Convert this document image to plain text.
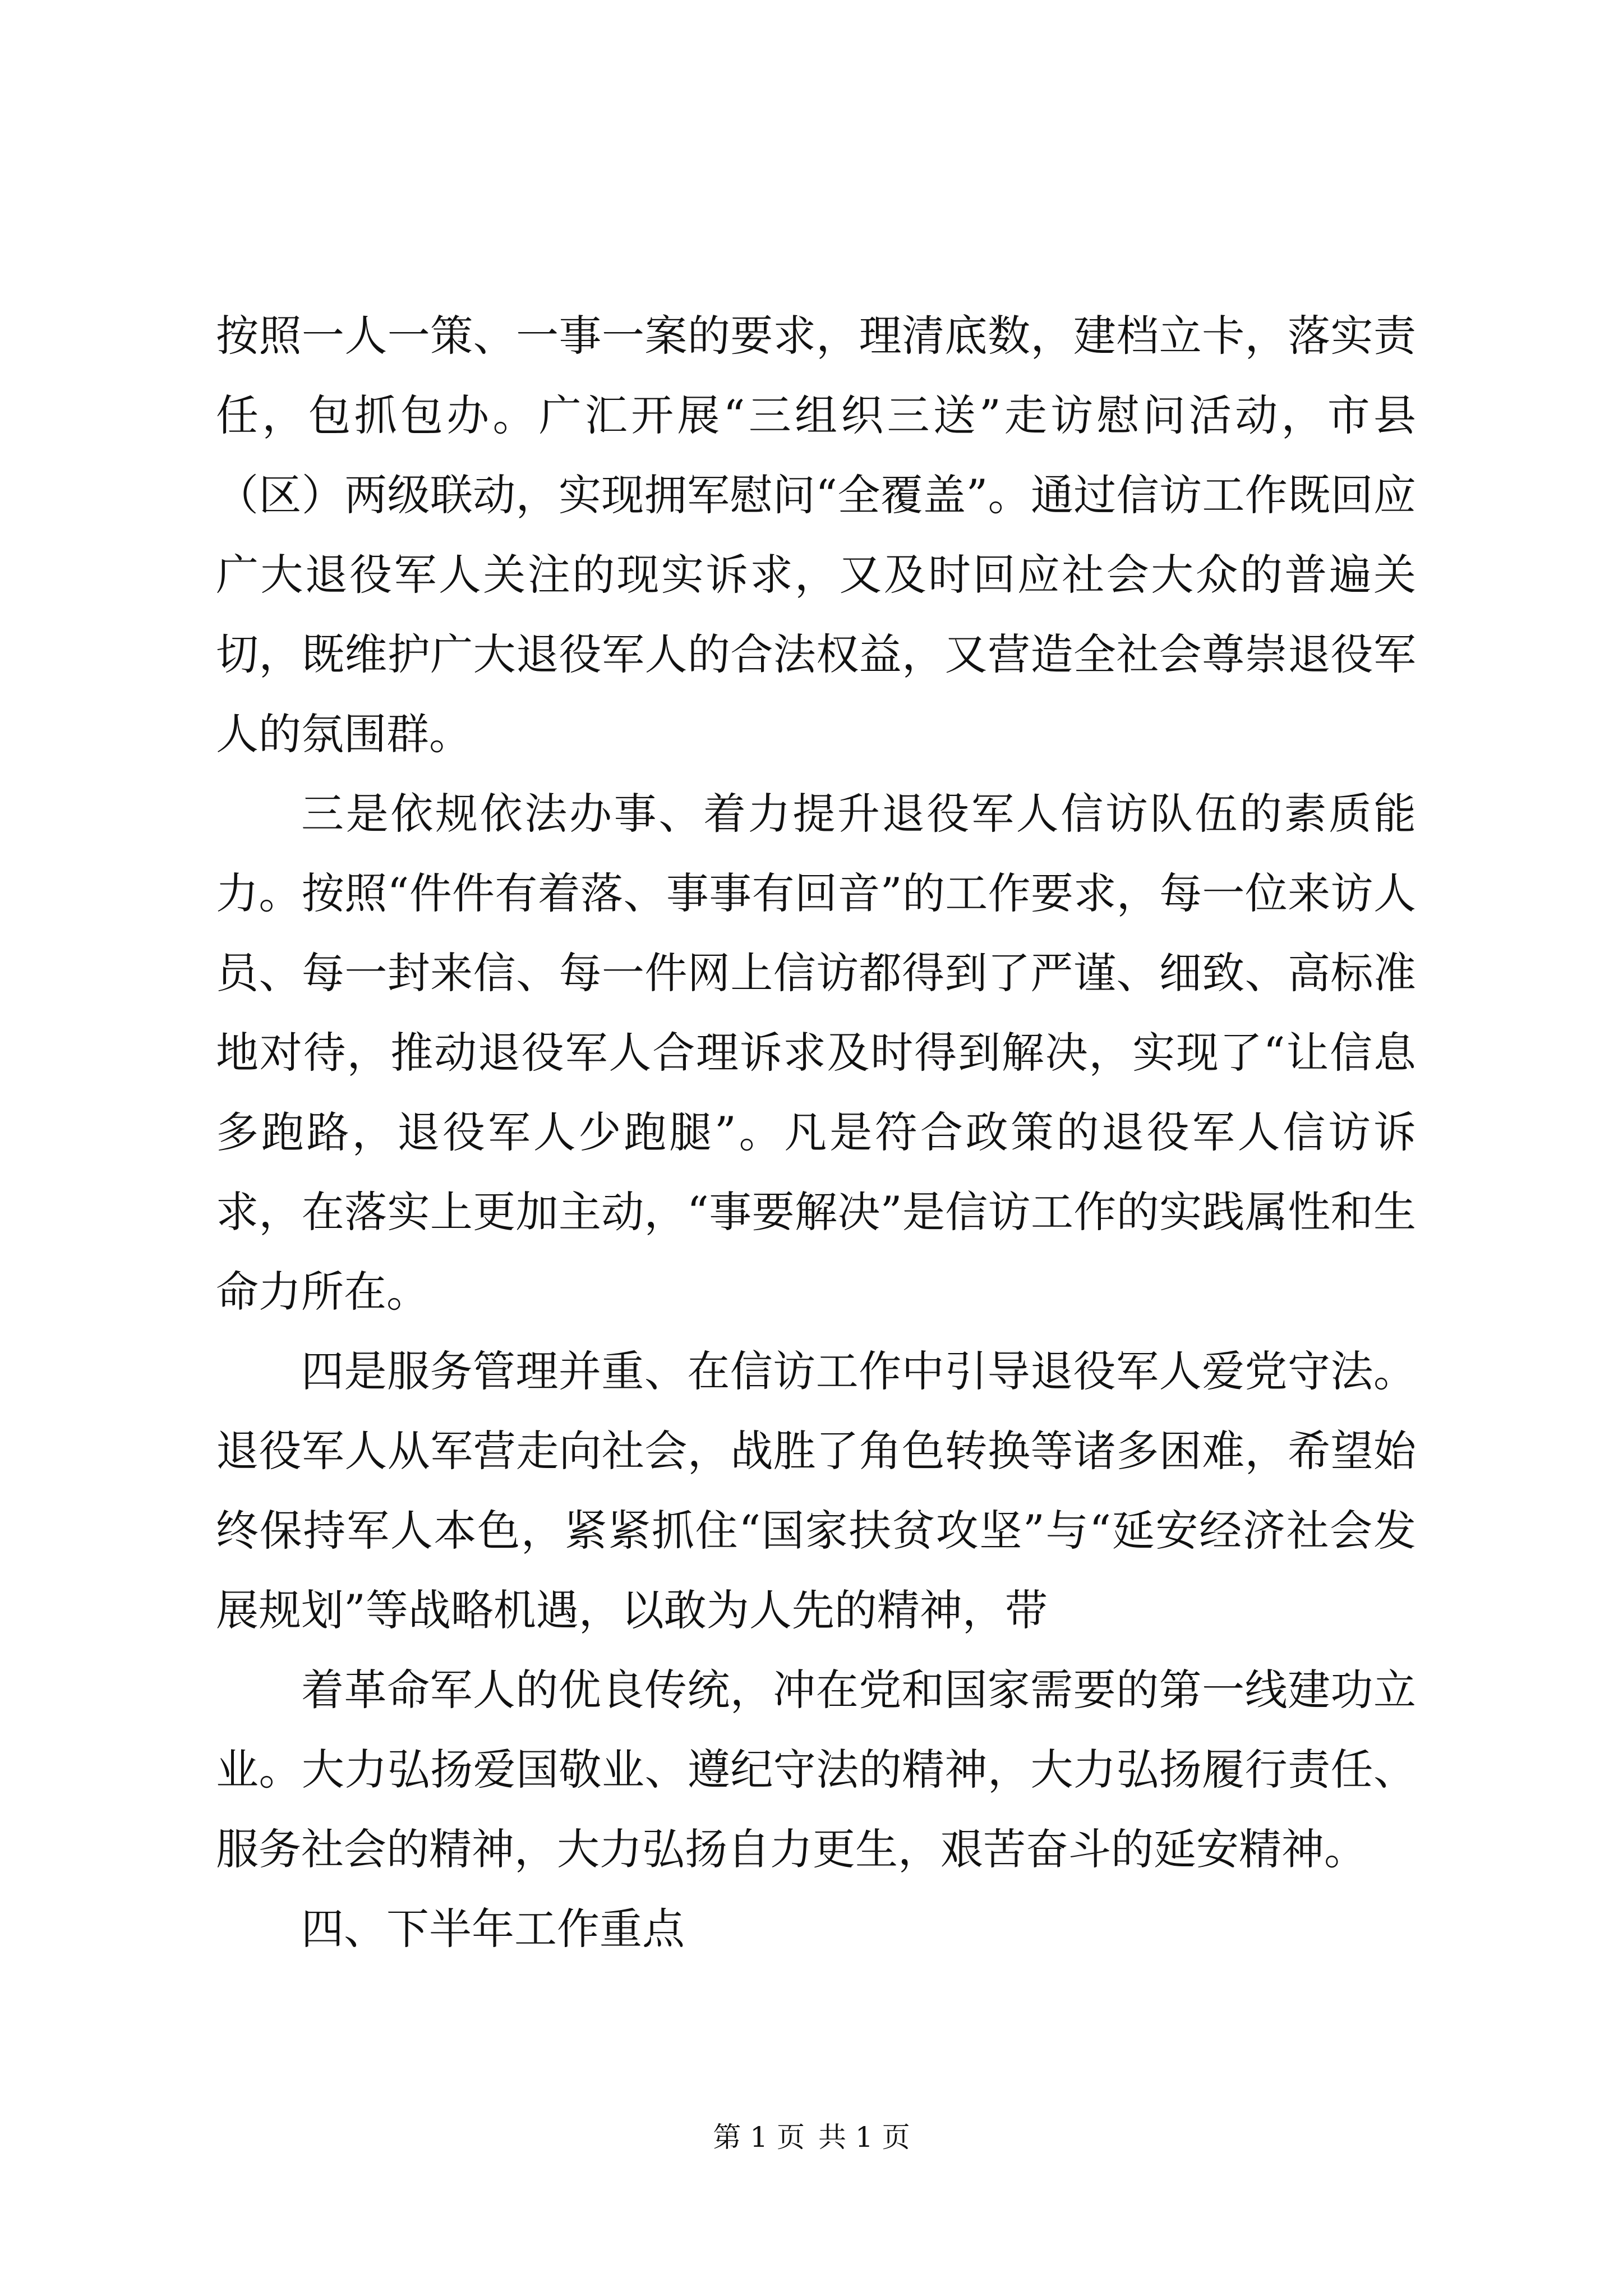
按照一人一策、一事一案的要求，理清底数，建档立卡，落实责任，包抓包办。广汇开展“三组织三送”走访慰问活动，市县（区）两级联动，实现拥军慰问“全覆盖”。通过信访工作既回应广大退役军人关注的现实诉求，又及时回应社会大众的普遍关切，既维护广大退役军人的合法权益，又营造全社会尊崇退役军人的氛围群。

三是依规依法办事、着力提升退役军人信访队伍的素质能力。按照“件件有着落、事事有回音”的工作要求，每一位来访人员、每一封来信、每一件网上信访都得到了严谨、细致、高标准地对待，推动退役军人合理诉求及时得到解决，实现了“让信息多跑路，退役军人少跑腿”。凡是符合政策的退役军人信访诉求，在落实上更加主动，“事要解决”是信访工作的实践属性和生命力所在。

四是服务管理并重、在信访工作中引导退役军人爱党守法。退役军人从军营走向社会，战胜了角色转换等诸多困难，希望始终保持军人本色，紧紧抓住“国家扶贫攻坚”与“延安经济社会发展规划”等战略机遇，以敢为人先的精神，带

着革命军人的优良传统，冲在党和国家需要的第一线建功立业。大力弘扬爱国敬业、遵纪守法的精神，大力弘扬履行责任、服务社会的精神，大力弘扬自力更生，艰苦奋斗的延安精神。

四、下半年工作重点

第 1 页 共 1 页
